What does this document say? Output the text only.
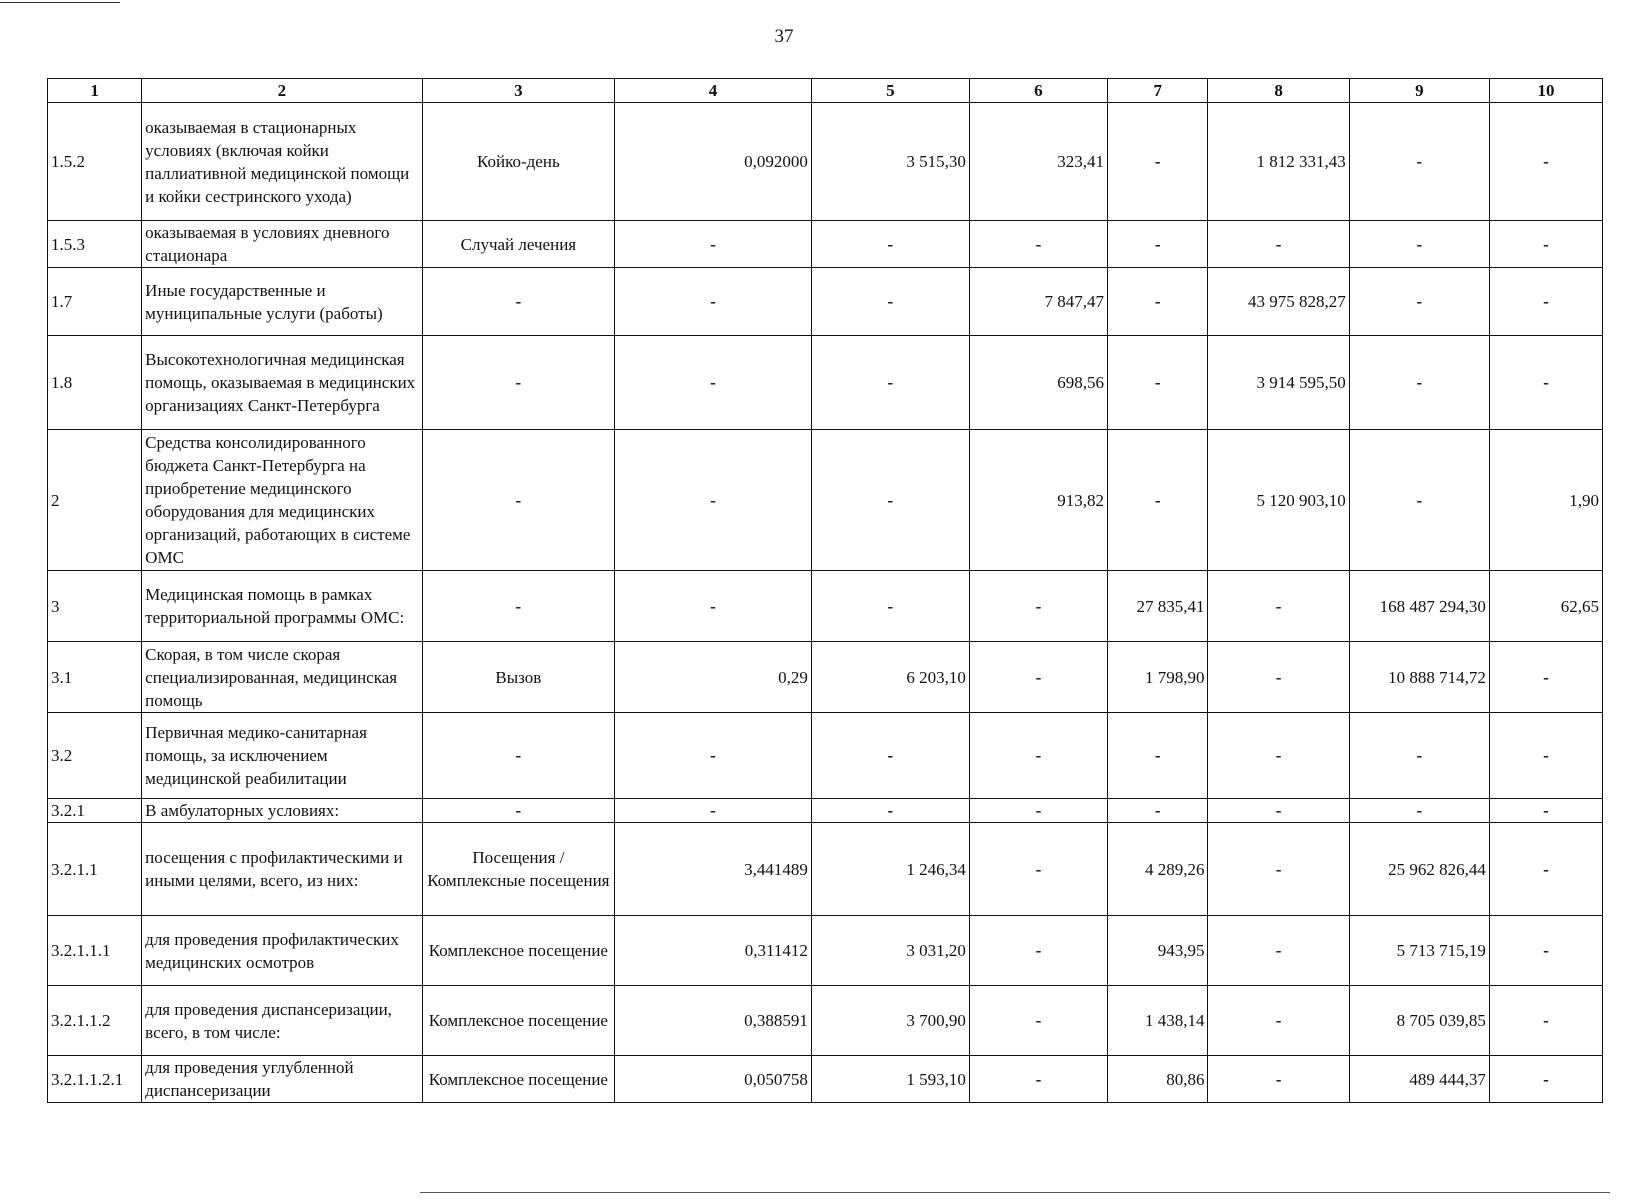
37
1	2	3	4	5	6	7	8	9	10
1.5.2	оказываемая в стационарных условиях (включая койки паллиативной медицинской помощи и койки сестринского ухода)	Койко-день	0,092000	3 515,30	323,41	-	1 812 331,43	-	-
1.5.3	оказываемая в условиях дневного стационара	Случай лечения	-	-	-	-	-	-	-
1.7	Иные государственные и муниципальные услуги (работы)	-	-	-	7 847,47	-	43 975 828,27	-	-
1.8	Высокотехнологичная медицинская помощь, оказываемая в медицинских организациях Санкт-Петербурга	-	-	-	698,56	-	3 914 595,50	-	-
2	Средства консолидированного бюджета Санкт-Петербурга на приобретение медицинского оборудования для медицинских организаций, работающих в системе ОМС	-	-	-	913,82	-	5 120 903,10	-	1,90
3	Медицинская помощь в рамках территориальной программы ОМС:	-	-	-	-	27 835,41	-	168 487 294,30	62,65
3.1	Скорая, в том числе скорая специализированная, медицинская помощь	Вызов	0,29	6 203,10	-	1 798,90	-	10 888 714,72	-
3.2	Первичная медико-санитарная помощь, за исключением медицинской реабилитации	-	-	-	-	-	-	-	-
3.2.1	В амбулаторных условиях:	-	-	-	-	-	-	-	-
3.2.1.1	посещения с профилактическими и иными целями, всего, из них:	Посещения / Комплексные посещения	3,441489	1 246,34	-	4 289,26	-	25 962 826,44	-
3.2.1.1.1	для проведения профилактических медицинских осмотров	Комплексное посещение	0,311412	3 031,20	-	943,95	-	5 713 715,19	-
3.2.1.1.2	для проведения диспансеризации, всего, в том числе:	Комплексное посещение	0,388591	3 700,90	-	1 438,14	-	8 705 039,85	-
3.2.1.1.2.1	для проведения углубленной диспансеризации	Комплексное посещение	0,050758	1 593,10	-	80,86	-	489 444,37	-
